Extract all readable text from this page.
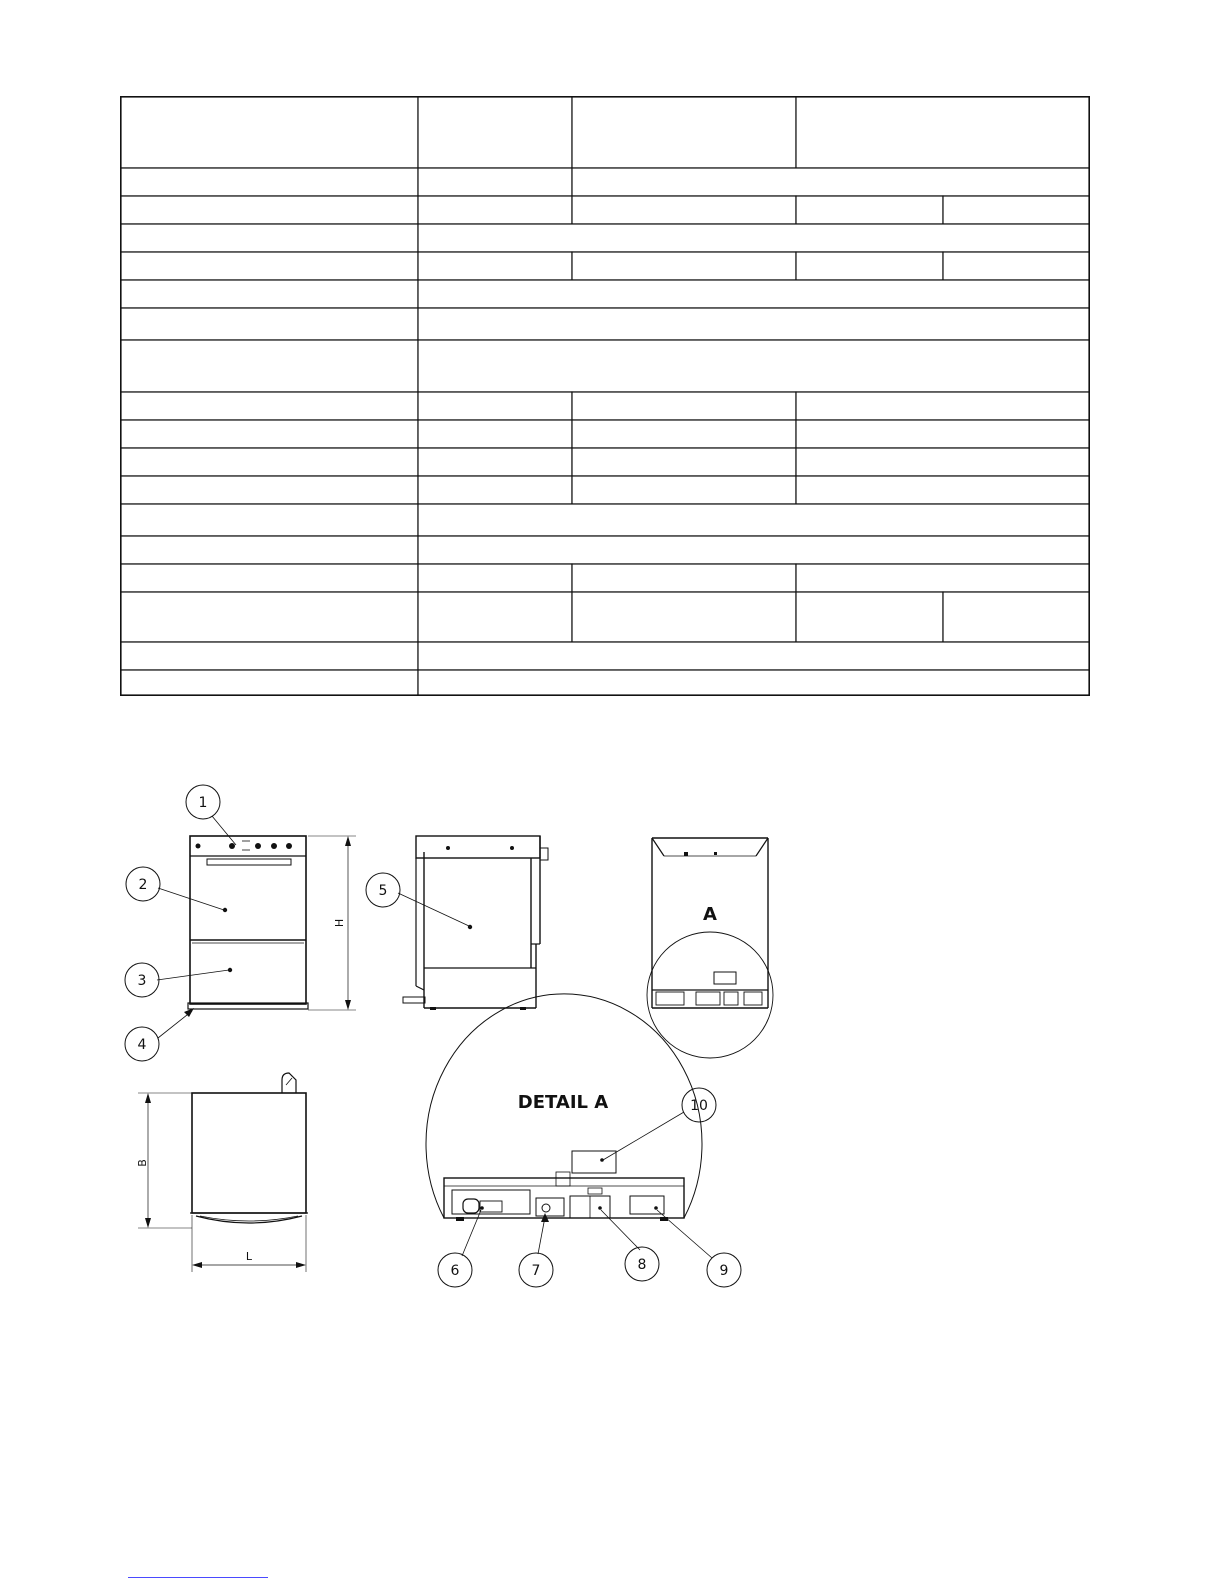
1
2
3
4
5
6	7	8	9
10
H
B
L
A
DETAIL A
